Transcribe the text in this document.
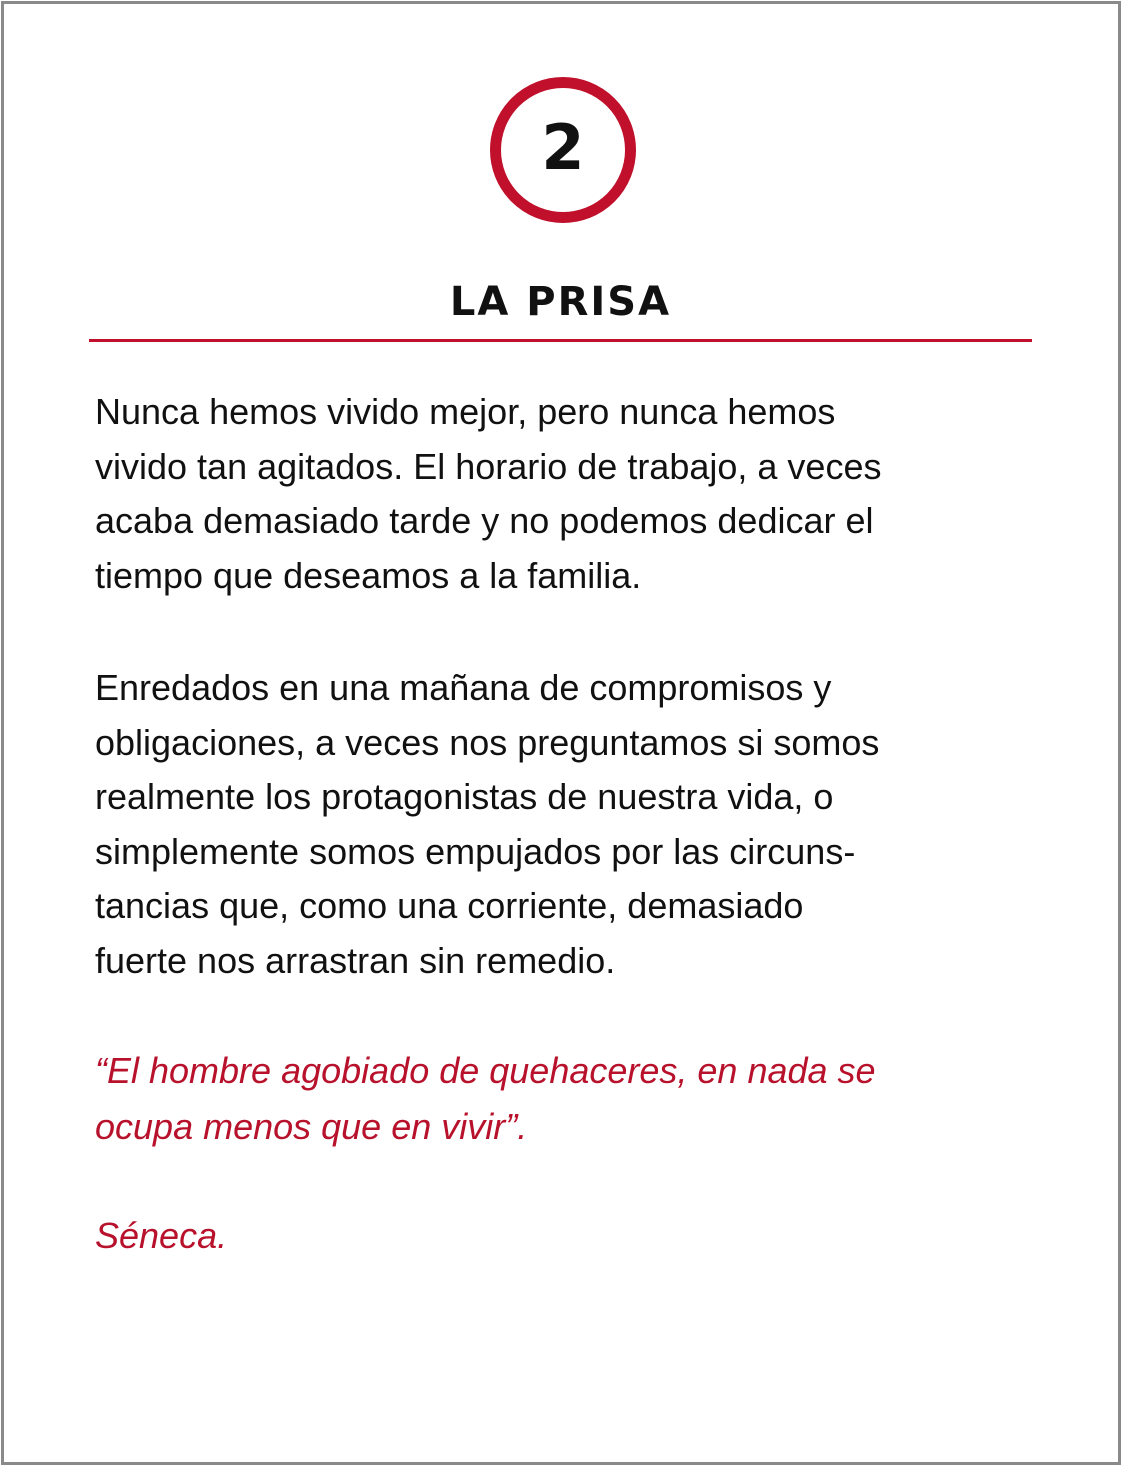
2
LA PRISA

Nunca hemos vivido mejor, pero nunca hemos
vivido tan agitados. El horario de trabajo, a veces
acaba demasiado tarde y no podemos dedicar el
tiempo que deseamos a la familia.

Enredados en una mañana de compromisos y
obligaciones, a veces nos preguntamos si somos
realmente los protagonistas de nuestra vida, o
simplemente somos empujados por las circuns-
tancias que, como una corriente, demasiado
fuerte nos arrastran sin remedio.

“El hombre agobiado de quehaceres, en nada se
ocupa menos que en vivir”.

Séneca.
